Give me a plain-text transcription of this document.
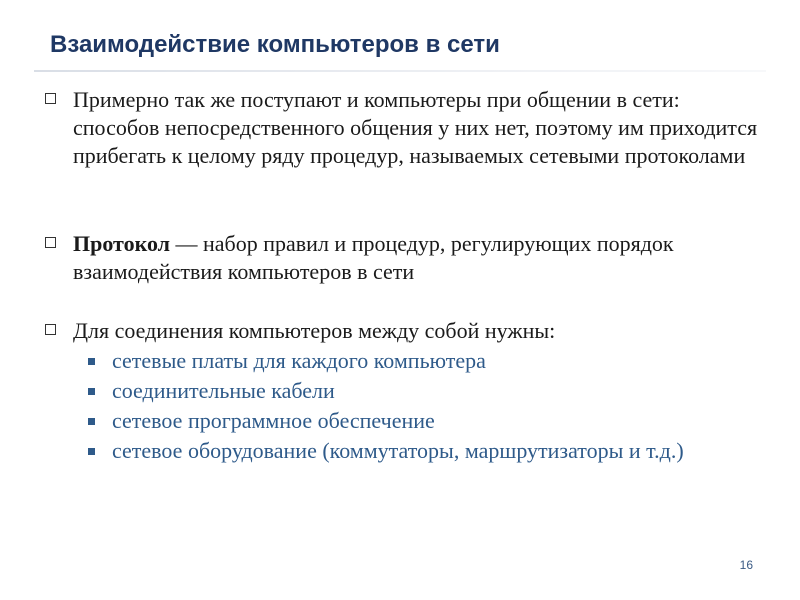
Взаимодействие компьютеров в сети

Примерно так же поступают и компьютеры при общении в сети: способов непосредственного общения у них нет, поэтому им приходится прибегать к целому ряду процедур, называемых сетевыми протоколами

Протокол — набор правил и процедур, регулирующих порядок взаимодействия компьютеров в сети

Для соединения компьютеров между собой нужны:

сетевые платы для каждого компьютера
соединительные кабели
сетевое программное обеспечение
сетевое оборудование (коммутаторы, маршрутизаторы и т.д.)
16
